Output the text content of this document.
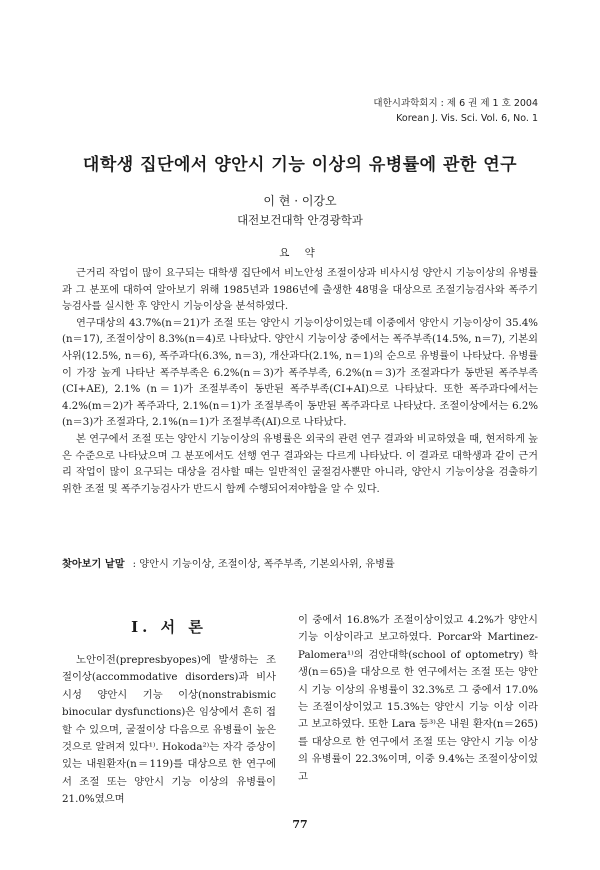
대한시과학회지 : 제 6 권 제 1 호 2004
Korean J. Vis. Sci. Vol. 6, No. 1
대학생 집단에서 양안시 기능 이상의 유병률에 관한 연구
이 현 · 이강오
대전보건대학 안경광학과
요 약

근거리 작업이 많이 요구되는 대학생 집단에서 비노안성 조절이상과 비사시성 양안시 기능이상의 유병률과 그 분포에 대하여 알아보기 위해 1985년과 1986년에 출생한 48명을 대상으로 조절기능검사와 폭주기능검사를 실시한 후 양안시 기능이상을 분석하였다.

연구대상의 43.7%(n＝21)가 조절 또는 양안시 기능이상이었는데 이중에서 양안시 기능이상이 35.4%(n＝17), 조절이상이 8.3%(n＝4)로 나타났다. 양안시 기능이상 중에서는 폭주부족(14.5%, n＝7), 기본외사위(12.5%, n＝6), 폭주과다(6.3%, n＝3), 개산과다(2.1%, n＝1)의 순으로 유병률이 나타났다. 유병률이 가장 높게 나타난 폭주부족은 6.2%(n＝3)가 폭주부족, 6.2%(n＝3)가 조절과다가 동반된 폭주부족(CI+AE), 2.1% (n＝1)가 조절부족이 동반된 폭주부족(CI+AI)으로 나타났다. 또한 폭주과다에서는 4.2%(m＝2)가 폭주과다, 2.1%(n＝1)가 조절부족이 동반된 폭주과다로 나타났다. 조절이상에서는 6.2%(n＝3)가 조절과다, 2.1%(n＝1)가 조절부족(AI)으로 나타났다.

본 연구에서 조절 또는 양안시 기능이상의 유병률은 외국의 관련 연구 결과와 비교하였을 때, 현저하게 높은 수준으로 나타났으며 그 분포에서도 선행 연구 결과와는 다르게 나타났다. 이 결과로 대학생과 같이 근거리 작업이 많이 요구되는 대상을 검사할 때는 일반적인 굴절검사뿐만 아니라, 양안시 기능이상을 검출하기 위한 조절 및 폭주기능검사가 반드시 함께 수행되어져야함을 알 수 있다.

찾아보기 낱말 : 양안시 기능이상, 조절이상, 폭주부족, 기본외사위, 유병률
I. 서 론

노안이전(prepresbyopes)에 발생하는 조절이상(accommodative disorders)과 비사시성 양안시 기능 이상(nonstrabismic binocular dysfunctions)은 임상에서 흔히 접할 수 있으며, 굴절이상 다음으로 유병률이 높은 것으로 알려져 있다¹⁾. Hokoda²⁾는 자각 증상이 있는 내원환자(n＝119)를 대상으로 한 연구에서 조절 또는 양안시 기능 이상의 유병률이 21.0%였으며

이 중에서 16.8%가 조절이상이었고 4.2%가 양안시 기능 이상이라고 보고하였다. Porcar와 Martinez-Palomera¹⁾의 검안대학(school of optometry) 학생(n＝65)을 대상으로 한 연구에서는 조절 또는 양안시 기능 이상의 유병률이 32.3%로 그 중에서 17.0%는 조절이상이었고 15.3%는 양안시 기능 이상 이라고 보고하였다. 또한 Lara 등³⁾은 내원 환자(n＝265)를 대상으로 한 연구에서 조절 또는 양안시 기능 이상의 유병률이 22.3%이며, 이중 9.4%는 조절이상이었고

77
